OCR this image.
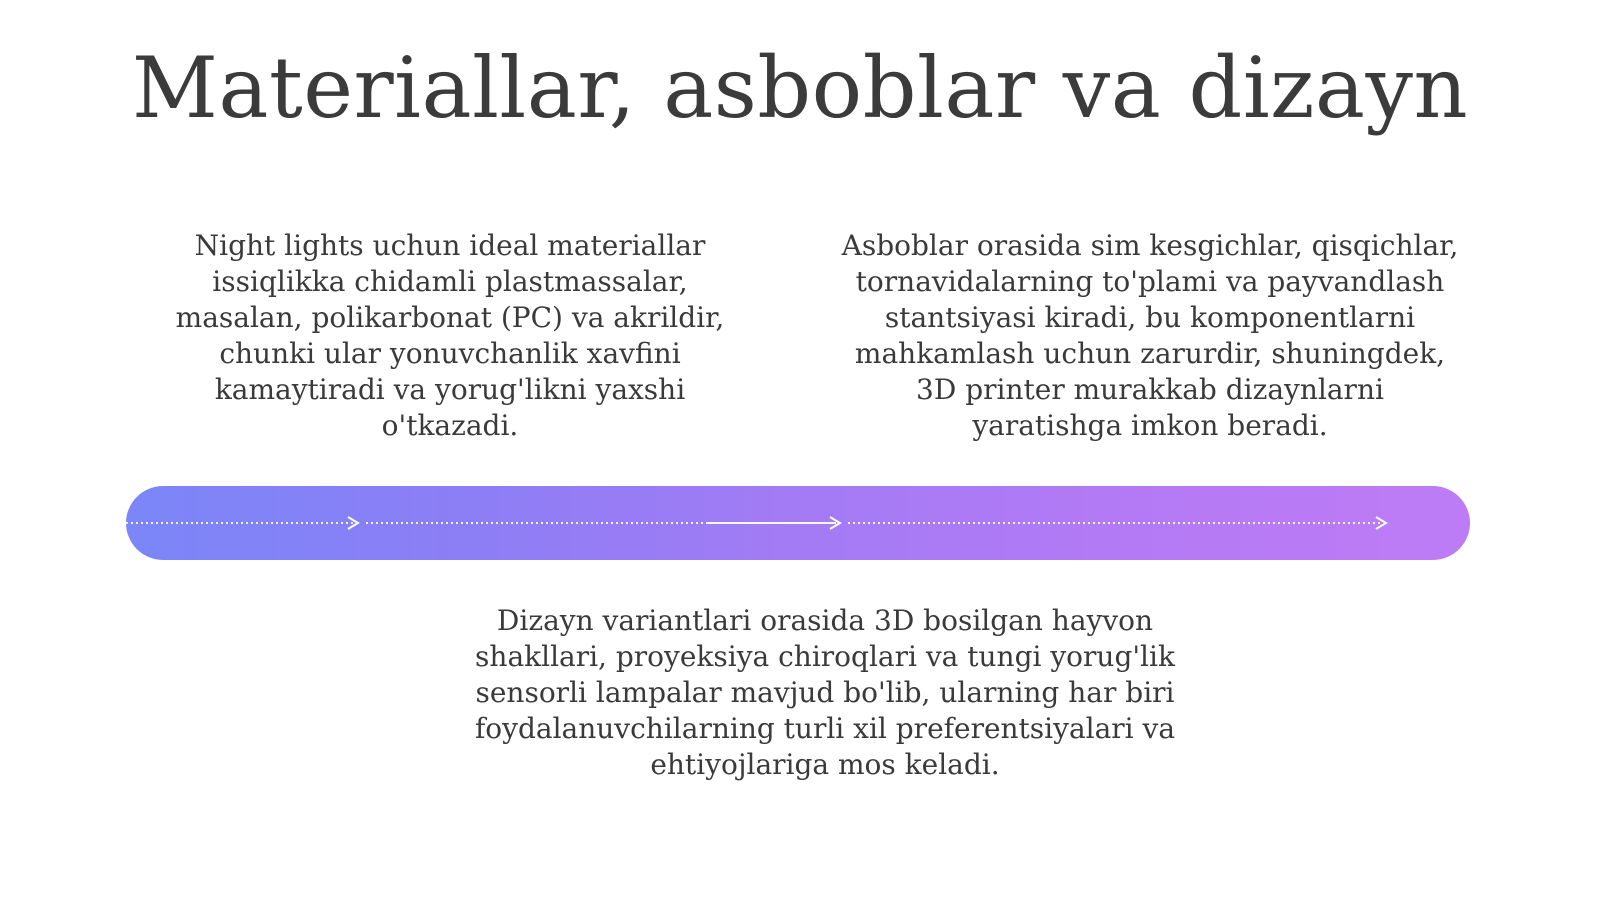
Materiallar, asboblar va dizayn

Night lights uchun ideal materiallar issiqlikka chidamli plastmassalar, masalan, polikarbonat (PC) va akrildir, chunki ular yonuvchanlik xavfini kamaytiradi va yorug'likni yaxshi o'tkazadi.

Asboblar orasida sim kesgichlar, qisqichlar, tornavidalarning to'plami va payvandlash stantsiyasi kiradi, bu komponentlarni mahkamlash uchun zarurdir, shuningdek, 3D printer murakkab dizaynlarni yaratishga imkon beradi.

Dizayn variantlari orasida 3D bosilgan hayvon shakllari, proyeksiya chiroqlari va tungi yorug'lik sensorli lampalar mavjud bo'lib, ularning har biri foydalanuvchilarning turli xil preferentsiyalari va ehtiyojlariga mos keladi.
